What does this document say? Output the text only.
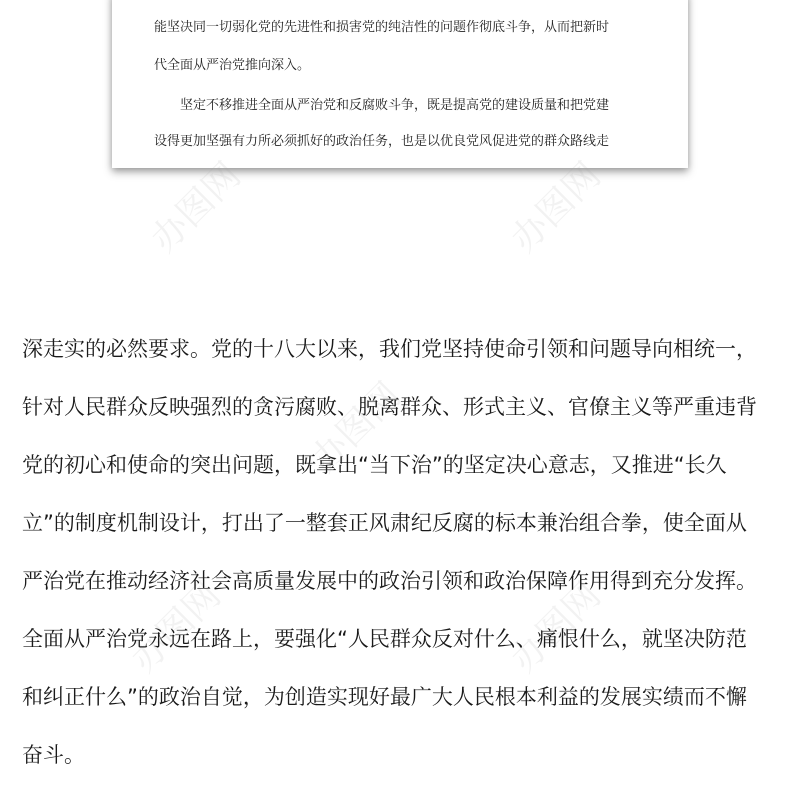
能坚决同一切弱化党的先进性和损害党的纯洁性的问题作彻底斗争，从而把新时

代全面从严治党推向深入。

坚定不移推进全面从严治党和反腐败斗争，既是提高党的建设质量和把党建

设得更加坚强有力所必须抓好的政治任务，也是以优良党风促进党的群众路线走

办图网	办图网
办图网
办图网	办图网

深走实的必然要求。党的十八大以来，我们党坚持使命引领和问题导向相统一，

针对人民群众反映强烈的贪污腐败、脱离群众、形式主义、官僚主义等严重违背

党的初心和使命的突出问题，既拿出“当下治”的坚定决心意志，又推进“长久

立”的制度机制设计，打出了一整套正风肃纪反腐的标本兼治组合拳，使全面从

严治党在推动经济社会高质量发展中的政治引领和政治保障作用得到充分发挥。

全面从严治党永远在路上，要强化“人民群众反对什么、痛恨什么，就坚决防范

和纠正什么”的政治自觉，为创造实现好最广大人民根本利益的发展实绩而不懈

奋斗。
